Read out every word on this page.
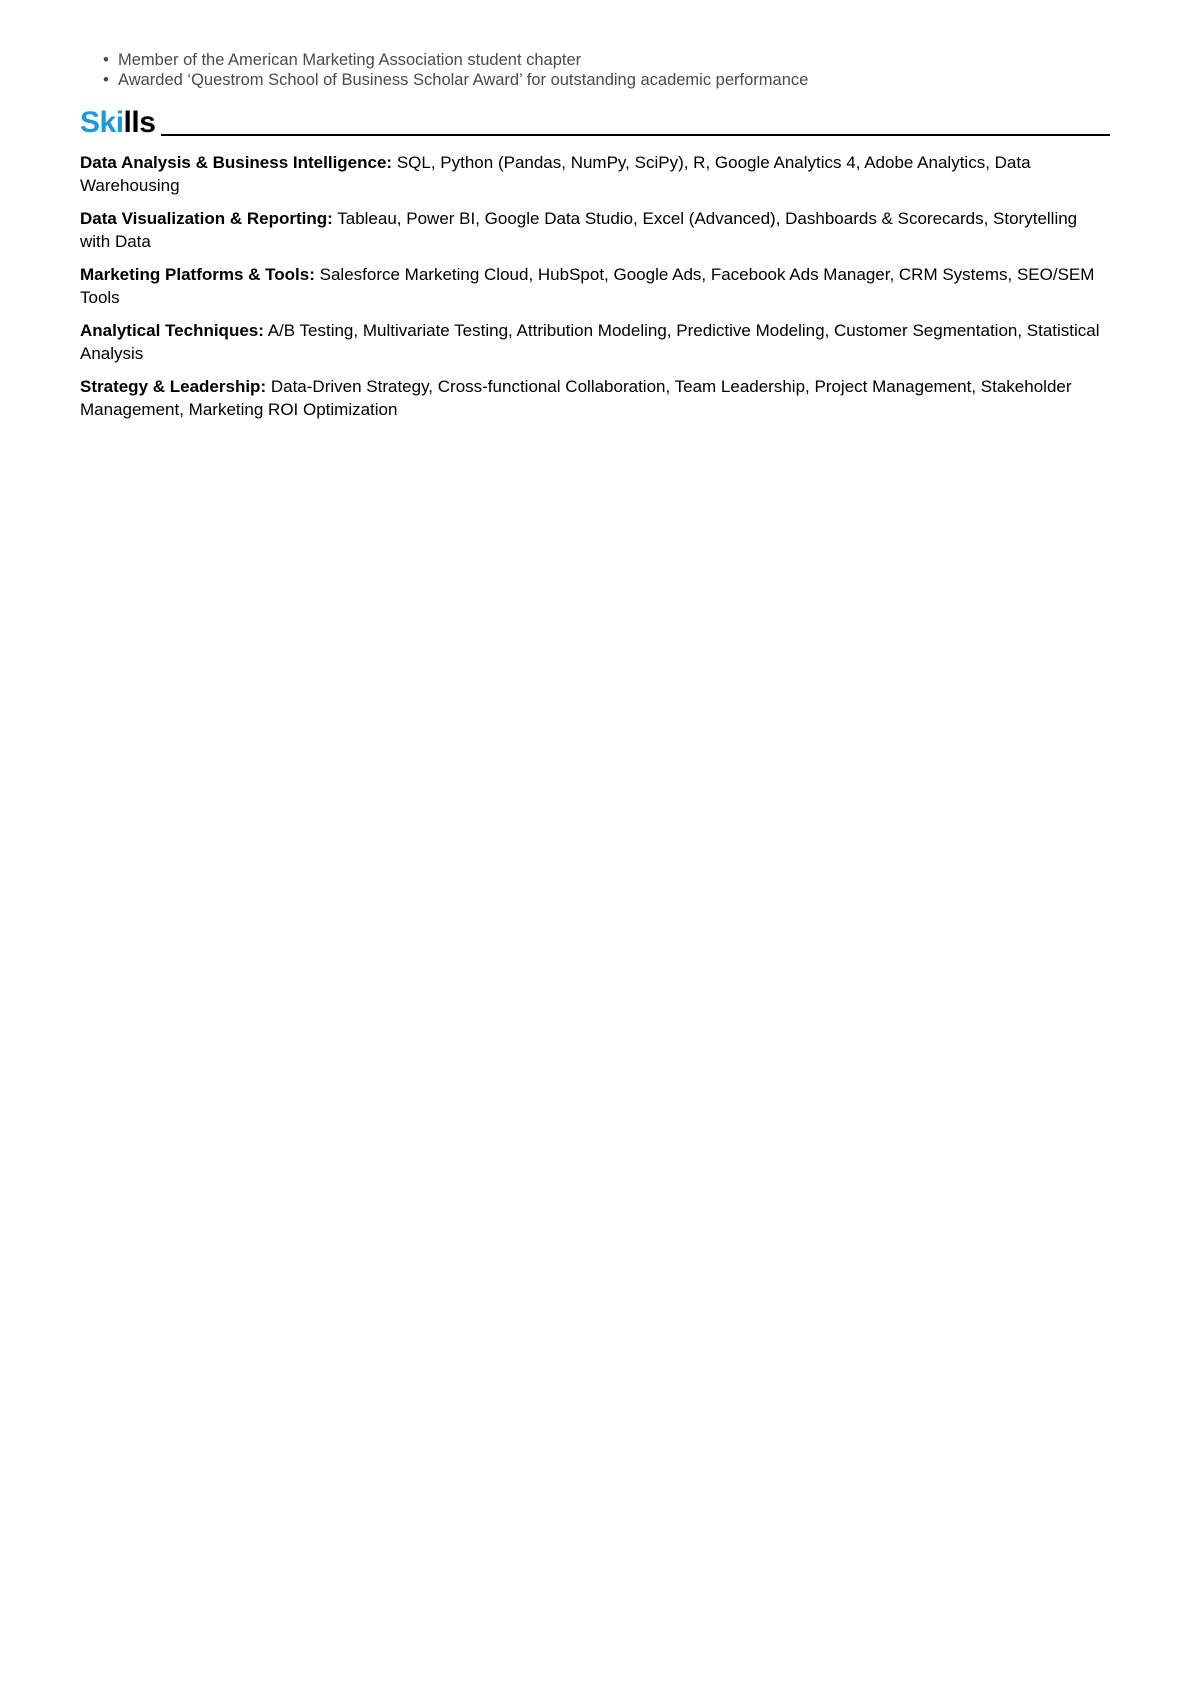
• Member of the American Marketing Association student chapter
• Awarded ‘Questrom School of Business Scholar Award’ for outstanding academic performance
Skills
Data Analysis & Business Intelligence: SQL, Python (Pandas, NumPy, SciPy), R, Google Analytics 4, Adobe Analytics, Data Warehousing
Data Visualization & Reporting: Tableau, Power BI, Google Data Studio, Excel (Advanced), Dashboards & Scorecards, Storytelling with Data
Marketing Platforms & Tools: Salesforce Marketing Cloud, HubSpot, Google Ads, Facebook Ads Manager, CRM Systems, SEO/SEM Tools
Analytical Techniques: A/B Testing, Multivariate Testing, Attribution Modeling, Predictive Modeling, Customer Segmentation, Statistical Analysis
Strategy & Leadership: Data-Driven Strategy, Cross-functional Collaboration, Team Leadership, Project Management, Stakeholder Management, Marketing ROI Optimization
